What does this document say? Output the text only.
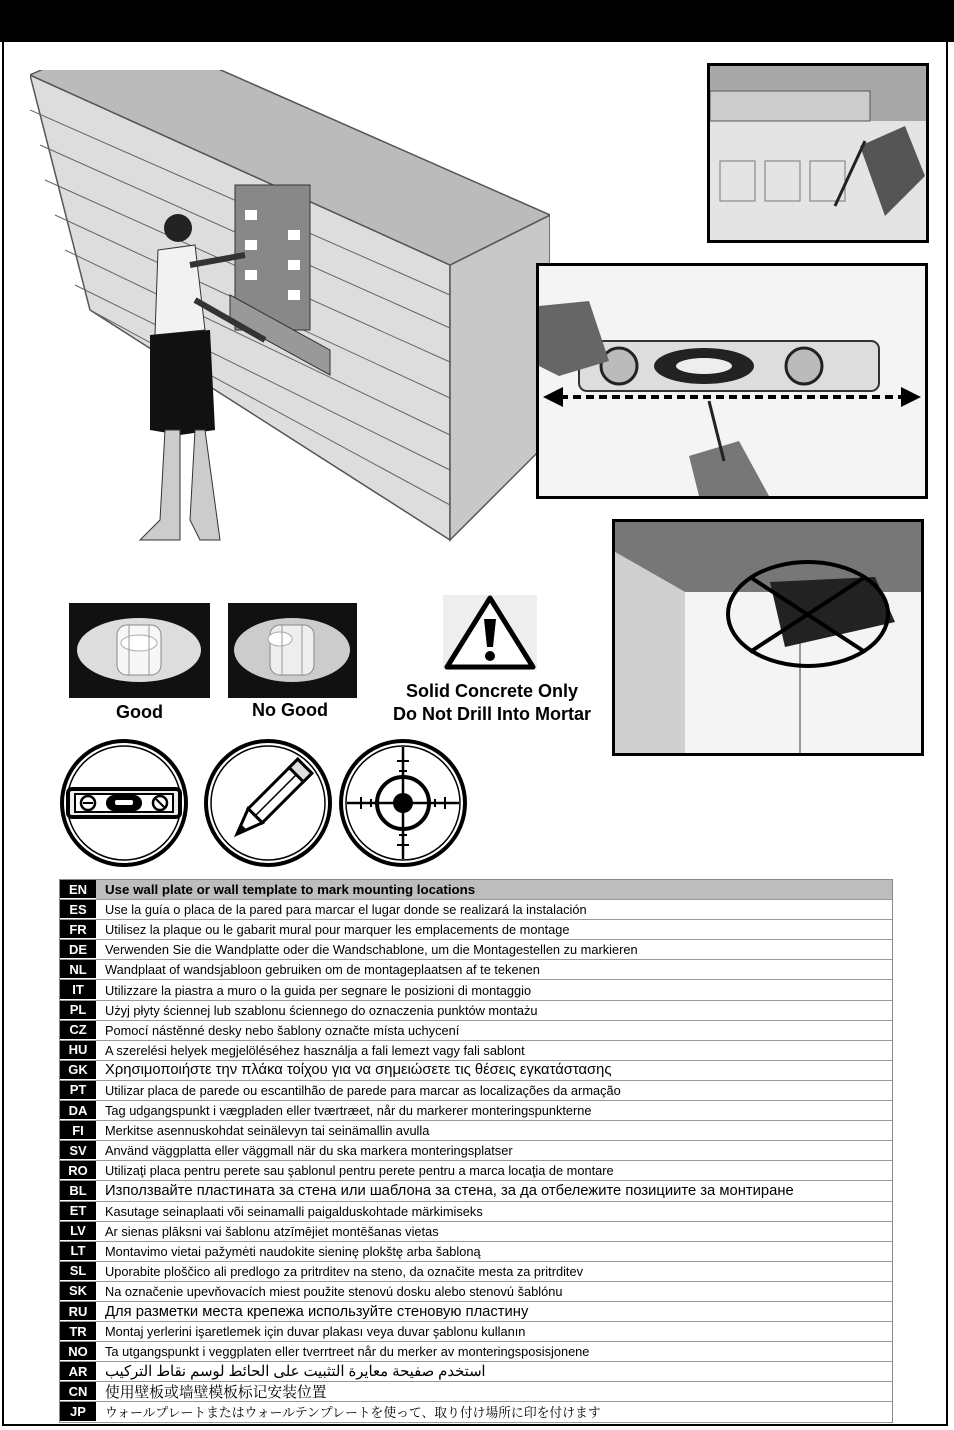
Good	No Good
Solid Concrete Only
Do Not Drill Into Mortar
EN	Use wall plate or wall template to mark mounting locations
ES	Use la guía o placa de la pared para marcar el lugar donde se realizará la instalación
FR	Utilisez la plaque ou le gabarit mural pour marquer les emplacements de montage
DE	Verwenden Sie die Wandplatte oder die Wandschablone, um die Montagestellen zu markieren
NL	Wandplaat of wandsjabloon gebruiken om de montageplaatsen af te tekenen
IT	Utilizzare la piastra a muro o la guida per segnare le posizioni di montaggio
PL	Użyj płyty ściennej lub szablonu ściennego do oznaczenia punktów montażu
CZ	Pomocí nástěnné desky nebo šablony označte místa uchycení
HU	A szerelési helyek megjelöléséhez használja a fali lemezt vagy fali sablont
GK	Χρησιμοποιήστε την πλάκα τοίχου για να σημειώσετε τις θέσεις εγκατάστασης
PT	Utilizar placa de parede ou escantilhão de parede para marcar as localizações da armação
DA	Tag udgangspunkt i vægpladen eller tværtræet, når du markerer monteringspunkterne
FI	Merkitse asennuskohdat seinälevyn tai seinämallin avulla
SV	Använd väggplatta eller väggmall när du ska markera monteringsplatser
RO	Utilizaţi placa pentru perete sau şablonul pentru perete pentru a marca locaţia de montare
BL	Използвайте пластината за стена или шаблона за стена, за да отбележите позициите за монтиране
ET	Kasutage seinaplaati või seinamalli paigalduskohtade märkimiseks
LV	Ar sienas plāksni vai šablonu atzīmējiet montēšanas vietas
LT	Montavimo vietai pažymėti naudokite sieninę plokštę arba šabloną
SL	Uporabite ploščico ali predlogo za pritrditev na steno, da označite mesta za pritrditev
SK	Na označenie upevňovacích miest použite stenovú dosku alebo stenovú šablónu
RU	Для разметки места крепежа используйте стеновую пластину
TR	Montaj yerlerini işaretlemek için duvar plakası veya duvar şablonu kullanın
NO	Ta utgangspunkt i veggplaten eller tverrtreet når du merker av monteringsposisjonene
AR	استخدم صفيحة معايرة التثبيت على الحائط لوسم نقاط التركيب
CN	使用壁板或墙壁模板标记安装位置
JP	ウォールプレートまたはウォールテンプレートを使って、取り付け場所に印を付けます
